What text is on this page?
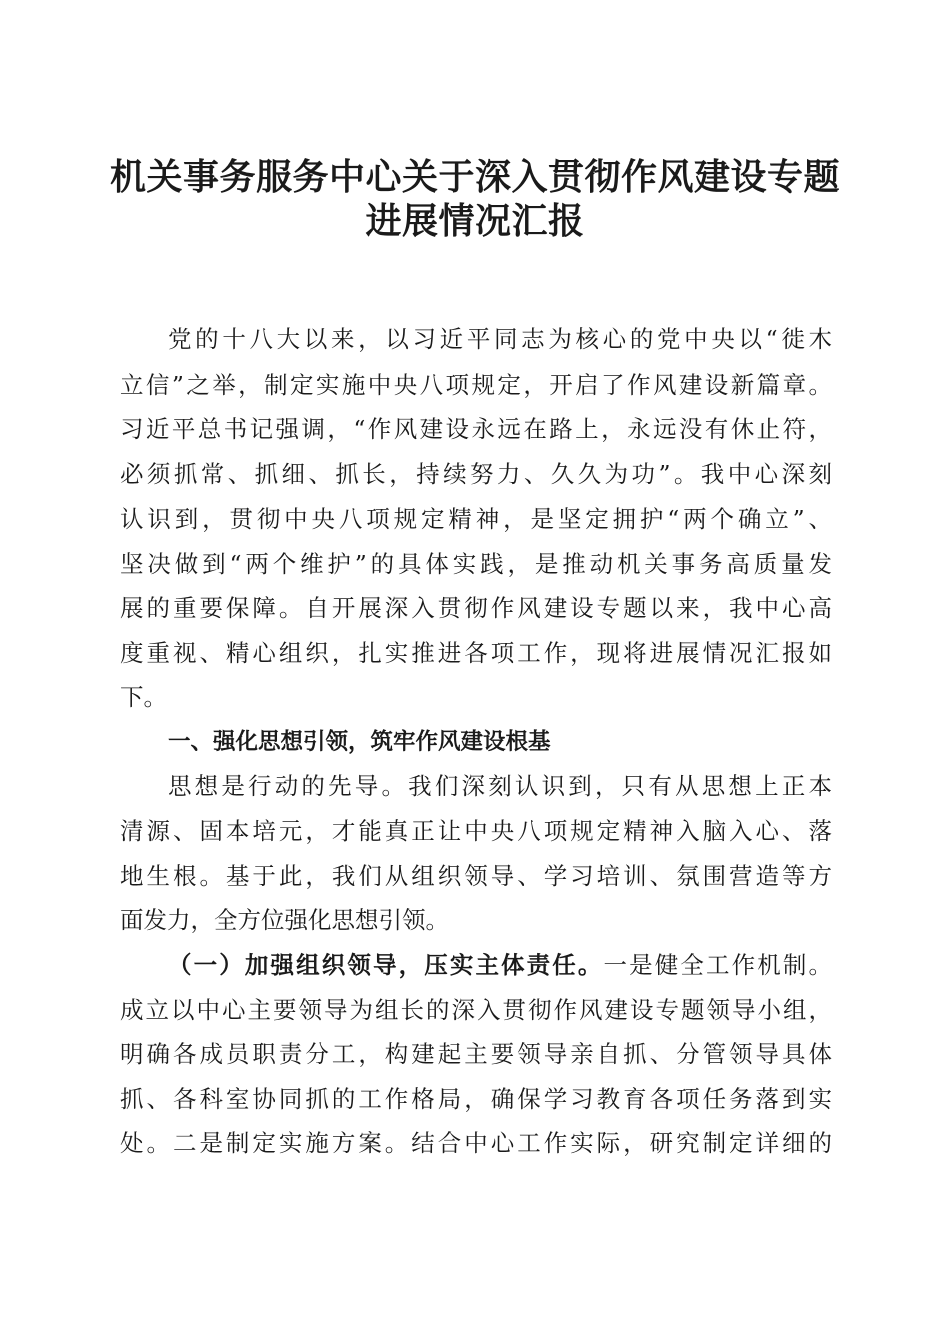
机关事务服务中心关于深入贯彻作风建设专题
进展情况汇报
党的十八大以来，以习近平同志为核心的党中央以“徙木
立信”之举，制定实施中央八项规定，开启了作风建设新篇章。
习近平总书记强调，“作风建设永远在路上，永远没有休止符，
必须抓常、抓细、抓长，持续努力、久久为功”。我中心深刻
认识到，贯彻中央八项规定精神，是坚定拥护“两个确立”、
坚决做到“两个维护”的具体实践，是推动机关事务高质量发
展的重要保障。自开展深入贯彻作风建设专题以来，我中心高
度重视、精心组织，扎实推进各项工作，现将进展情况汇报如
下。
一、强化思想引领，筑牢作风建设根基
思想是行动的先导。我们深刻认识到，只有从思想上正本
清源、固本培元，才能真正让中央八项规定精神入脑入心、落
地生根。基于此，我们从组织领导、学习培训、氛围营造等方
面发力，全方位强化思想引领。
（一）加强组织领导，压实主体责任。一是健全工作机制。
成立以中心主要领导为组长的深入贯彻作风建设专题领导小组，
明确各成员职责分工，构建起主要领导亲自抓、分管领导具体
抓、各科室协同抓的工作格局，确保学习教育各项任务落到实
处。二是制定实施方案。结合中心工作实际，研究制定详细的
